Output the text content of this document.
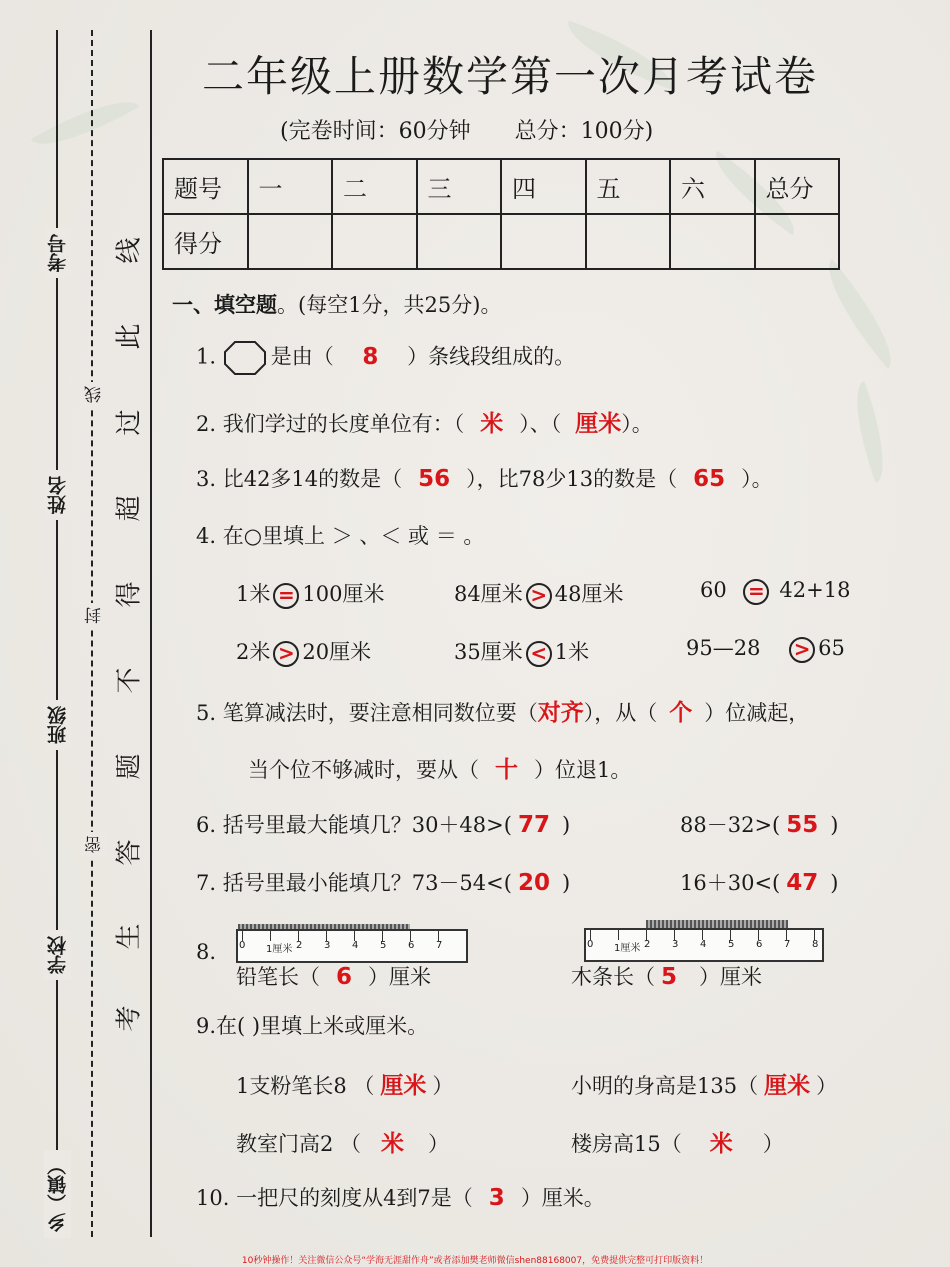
考号
姓名
班级
学校
乡（镇）
线
封
密
线
此
过
超
得
不
题
答
生
考
二年级上册数学第一次月考试卷
(完卷时间：60分钟 总分：100分)
题号	一	二	三	四	五	六	总分
得分							
一、填空题。(每空1分，共25分)。
1.	是由（ 8 ）条线段组成的。
2. 我们学过的长度单位有：（ 米 ）、（ 厘米）。
3. 比42多14的数是（ 56 ），比78少13的数是（ 65 ）。
4. 在○里填上 ＞ 、＜ 或 ＝ 。
1米 = 100厘米	84厘米 > 48厘米	60 = 42+18
2米 > 20厘米	35厘米 < 1米	95—28 > 65
5. 笔算减法时，要注意相同数位要（对齐），从（ 个 ）位减起，
当个位不够减时，要从（ 十 ）位退1。
6. 括号里最大能填几？30＋48>( 77 )	88－32>( 55 )
7. 括号里最小能填几？73－54<( 20 )	16＋30<( 47 )
8. 0 1厘米 2 3 4 5 6 7	0 1厘米 2 3 4 5 6 7 8
铅笔长（ 6 ）厘米	木条长（ 5 ）厘米
9.在( )里填上米或厘米。
1支粉笔长8 （ 厘米 ）	小明的身高是135（ 厘米 ）
教室门高2 （ 米 ）	楼房高15（ 米 ）
10. 一把尺的刻度从4到7是（ 3 ）厘米。
10秒钟操作！关注微信公众号“学海无涯甜作舟”或者添加樊老师微信shen88168007，免费提供完整可打印版资料！
